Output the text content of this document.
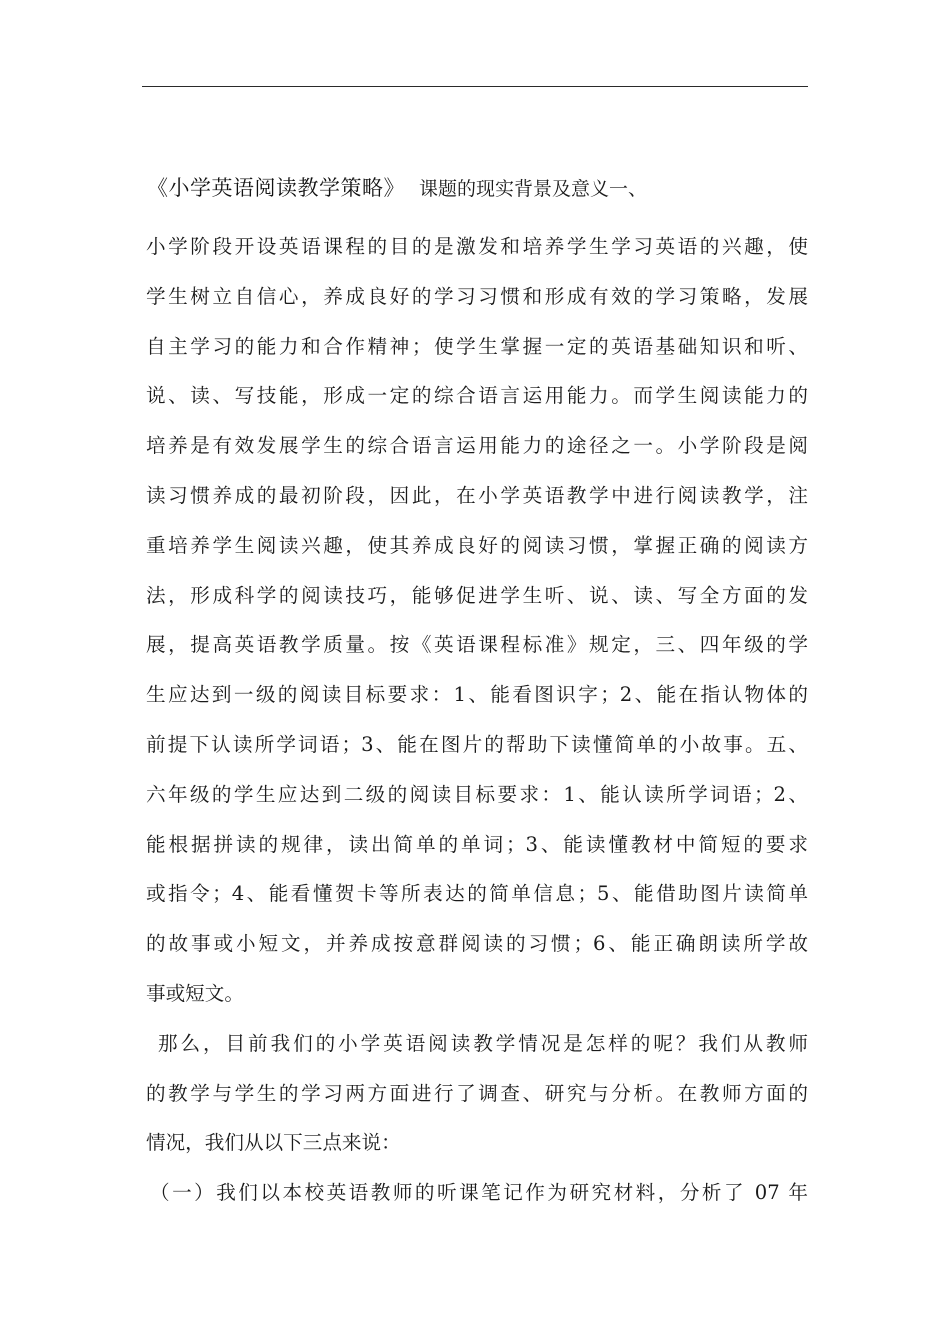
《小学英语阅读教学策略》 课题的现实背景及意义一、
小学阶段开设英语课程的目的是激发和培养学生学习英语的兴趣，使
学生树立自信心，养成良好的学习习惯和形成有效的学习策略，发展
自主学习的能力和合作精神；使学生掌握一定的英语基础知识和听、
说、读、写技能，形成一定的综合语言运用能力。而学生阅读能力的
培养是有效发展学生的综合语言运用能力的途径之一。小学阶段是阅
读习惯养成的最初阶段，因此，在小学英语教学中进行阅读教学，注
重培养学生阅读兴趣，使其养成良好的阅读习惯，掌握正确的阅读方
法，形成科学的阅读技巧，能够促进学生听、说、读、写全方面的发
展，提高英语教学质量。按《英语课程标准》规定，三、四年级的学
生应达到一级的阅读目标要求：1、能看图识字；2、能在指认物体的
前提下认读所学词语；3、能在图片的帮助下读懂简单的小故事。五、
六年级的学生应达到二级的阅读目标要求：1、能认读所学词语；2、
能根据拼读的规律，读出简单的单词；3、能读懂教材中简短的要求
或指令；4、能看懂贺卡等所表达的简单信息；5、能借助图片读简单
的故事或小短文，并养成按意群阅读的习惯；6、能正确朗读所学故
事或短文。
那么，目前我们的小学英语阅读教学情况是怎样的呢？我们从教师
的教学与学生的学习两方面进行了调查、研究与分析。在教师方面的
情况，我们从以下三点来说：
（一）我们以本校英语教师的听课笔记作为研究材料，分析了 07 年
